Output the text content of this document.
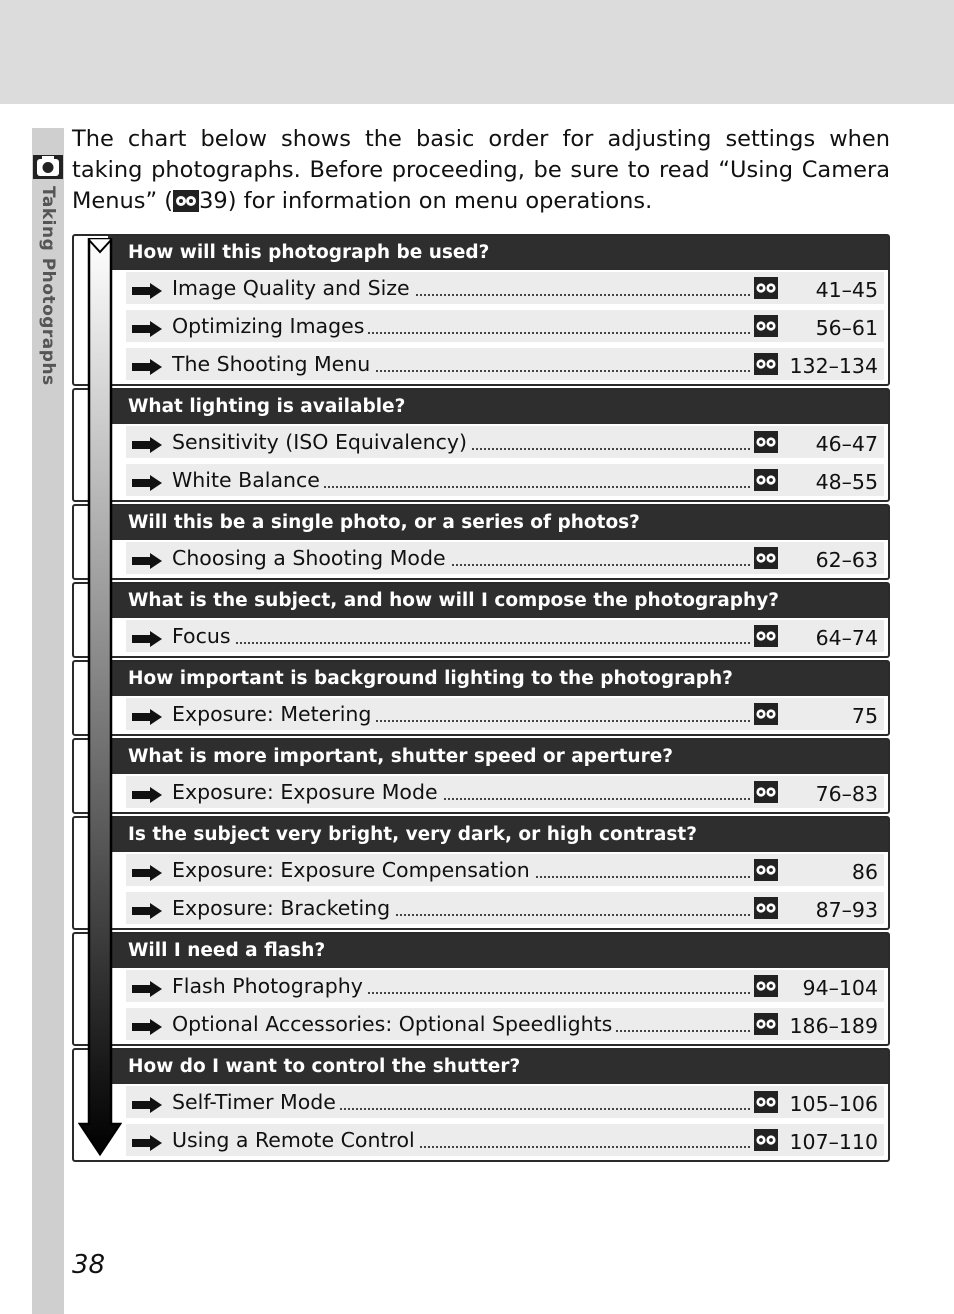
Taking Photographs
The chart below shows the basic order for adjusting settings when taking photographs. Before proceeding, be sure to read “Using Camera Menus” ( 39) for information on menu operations.
How will this photograph be used?
Image Quality and Size	41–45
Optimizing Images	56–61
The Shooting Menu	132–134
What lighting is available?
Sensitivity (ISO Equivalency)	46–47
White Balance	48–55
Will this be a single photo, or a series of photos?
Choosing a Shooting Mode	62–63
What is the subject, and how will I compose the photography?
Focus	64–74
How important is background lighting to the photograph?
Exposure: Metering	75
What is more important, shutter speed or aperture?
Exposure: Exposure Mode	76–83
Is the subject very bright, very dark, or high contrast?
Exposure: Exposure Compensation	86
Exposure: Bracketing	87–93
Will I need a flash?
Flash Photography	94–104
Optional Accessories: Optional Speedlights	186–189
How do I want to control the shutter?
Self-Timer Mode	105–106
Using a Remote Control	107–110
38
